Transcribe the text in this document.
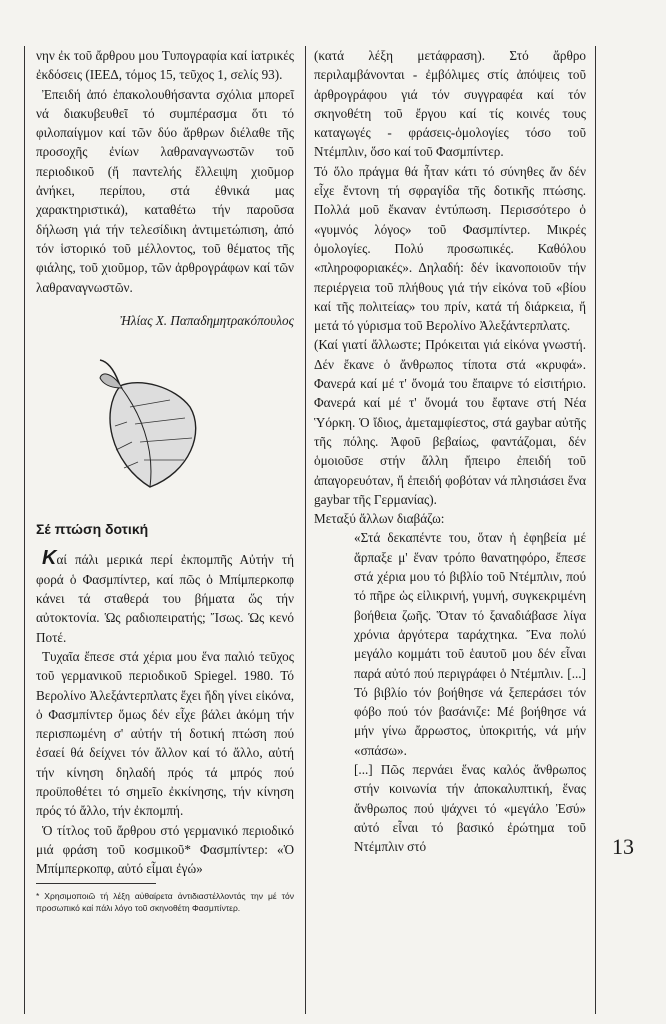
νην ἐκ τοῦ ἄρθρου μου Τυπογραφία καί ἰατρικές ἐκδόσεις (ΙΕΕΔ, τόμος 15, τεῦχος 1, σελίς 93).

Ἐπειδή ἀπό ἐπακολουθήσαντα σχόλια μπορεῖ νά διακυβευθεῖ τό συμπέρασμα ὅτι τό φιλοπαίγμον καί τῶν δύο ἄρθρων διέλαθε τῆς προσοχῆς ἐνίων λαθραναγνωστῶν τοῦ περιοδικοῦ (ἤ παντελής ἔλλειψη χιοῦμορ ἀνήκει, περίπου, στά ἐθνικά μας χαρακτηριστικά), καταθέτω τήν παροῦσα δήλωση γιά τήν τελεσίδικη ἀντιμετώπιση, ἀπό τόν ἱστορικό τοῦ μέλλοντος, τοῦ θέματος τῆς φιάλης, τοῦ χιοῦμορ, τῶν ἀρθρογράφων καί τῶν λαθραναγνωστῶν.

Ἠλίας Χ. Παπαδημητρακόπουλος

Σέ πτώση δοτική

Καί πάλι μερικά περί ἐκπομπῆς Αὐτήν τή φορά ὁ Φασμπίντερ, καί πῶς ὁ Μπίμπερκοπφ κάνει τά σταθερά του βήματα ὥς τήν αὐτοκτονία. Ὡς ραδιοπειρατής; Ἴσως. Ὡς κενό Ποτέ.

Τυχαῖα ἔπεσε στά χέρια μου ἕνα παλιό τεῦχος τοῦ γερμανικοῦ περιοδικοῦ Spiegel. 1980. Τό Βερολίνο Ἀλεξάντερπλατς ἔχει ἤδη γίνει εἰκόνα, ὁ Φασμπίντερ ὅμως δέν εἶχε βάλει ἀκόμη τήν περισπωμένη σ' αὐτήν τή δοτική πτώση πού ἐσαεί θά δείχνει τόν ἄλλον καί τό ἄλλο, αὐτή τήν κίνηση δηλαδή πρός τά μπρός πού προϋποθέτει τό σημεῖο ἐκκίνησης, τήν κίνηση πρός τό ἄλλο, τήν ἐκπομπή.

Ὁ τίτλος τοῦ ἄρθρου στό γερμανικό περιοδικό μιά φράση τοῦ κοσμικοῦ* Φασμπίντερ: «Ὁ Μπίμπερκοπφ, αὐτό εἶμαι ἐγώ»

* Χρησιμοποιῶ τή λέξη αὐθαίρετα ἀντιδιαστέλλοντάς την μέ τόν προσωπικό καί πάλι λόγο τοῦ σκηνοθέτη Φασμπίντερ.

(κατά λέξη μετάφραση). Στό ἄρθρο περιλαμβάνονται - ἐμβόλιμες στίς ἀπόψεις τοῦ ἀρθρογράφου γιά τόν συγγραφέα καί τόν σκηνοθέτη τοῦ ἔργου καί τίς κοινές τους καταγωγές - φράσεις-ὁμολογίες τόσο τοῦ Ντέμπλιν, ὅσο καί τοῦ Φασμπίντερ.

Τό ὅλο πράγμα θά ἦταν κάτι τό σύνηθες ἄν δέν εἶχε ἔντονη τή σφραγίδα τῆς δοτικῆς πτώσης. Πολλά μοῦ ἔκαναν ἐντύπωση. Περισσότερο ὁ «γυμνός λόγος» τοῦ Φασμπίντερ. Μικρές ὁμολογίες. Πολύ προσωπικές. Καθόλου «πληροφοριακές». Δηλαδή: δέν ἱκανοποιοῦν τήν περιέργεια τοῦ πλήθους γιά τήν εἰκόνα τοῦ «βίου καί τῆς πολιτείας» του πρίν, κατά τή διάρκεια, ἤ μετά τό γύρισμα τοῦ Βερολίνο Ἀλεξάντερπλατς.

(Καί γιατί ἄλλωστε; Πρόκειται γιά εἰκόνα γνωστή. Δέν ἔκανε ὁ ἄνθρωπος τίποτα στά «κρυφά». Φανερά καί μέ τ' ὄνομά του ἔπαιρνε τό εἰσιτήριο. Φανερά καί μέ τ' ὄνομά του ἔφτανε στή Νέα Ὑόρκη. Ὁ ἴδιος, ἀμεταμφίεστος, στά gaybar αὐτῆς τῆς πόλης. Ἀφοῦ βεβαίως, φαντάζομαι, δέν ὁμοιοῦσε στήν ἄλλη ἤπειρο ἐπειδή τοῦ ἀπαγορευόταν, ἤ ἐπειδή φοβόταν νά πλησιάσει ἕνα gaybar τῆς Γερμανίας).

Μεταξύ ἄλλων διαβάζω:

«Στά δεκαπέντε του, ὅταν ἡ ἐφηβεία μέ ἅρπαξε μ' ἕναν τρόπο θανατηφόρο, ἔπεσε στά χέρια μου τό βιβλίο τοῦ Ντέμπλιν, πού τό πῆρε ὡς εἰλικρινή, γυμνή, συγκεκριμένη βοήθεια ζωῆς. Ὅταν τό ξαναδιάβασε λίγα χρόνια ἀργότερα ταράχτηκα. Ἕνα πολύ μεγάλο κομμάτι τοῦ ἑαυτοῦ μου δέν εἶναι παρά αὐτό πού περιγράφει ὁ Ντέμπλιν. [...] Τό βιβλίο τόν βοήθησε νά ξεπεράσει τόν φόβο πού τόν βασάνιζε: Μέ βοήθησε νά μήν γίνω ἄρρωστος, ὑποκριτής, νά μήν «σπάσω».

[...] Πῶς περνάει ἕνας καλός ἄνθρωπος στήν κοινωνία τήν ἀποκαλυπτική, ἕνας ἄνθρωπος πού ψάχνει τό «μεγάλο Ἐσύ» αὐτό εἶναι τό βασικό ἐρώτημα τοῦ Ντέμπλιν στό	13
